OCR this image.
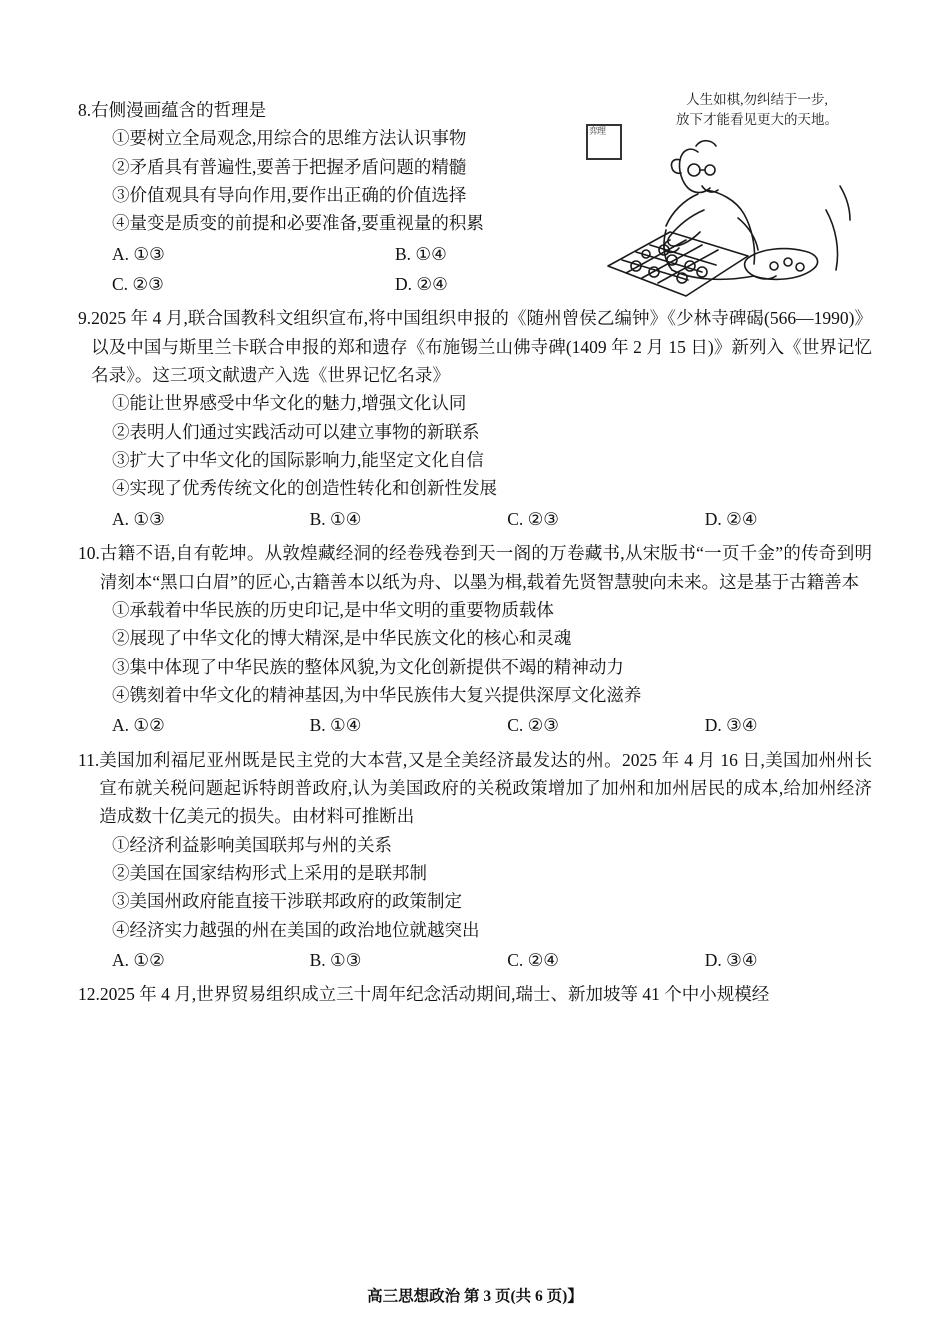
人生如棋,勿纠结于一步,
放下才能看见更大的天地。
弈理
8. 右侧漫画蕴含的哲理是
①要树立全局观念,用综合的思维方法认识事物
②矛盾具有普遍性,要善于把握矛盾问题的精髓
③价值观具有导向作用,要作出正确的价值选择
④量变是质变的前提和必要准备,要重视量的积累
A. ①③	B. ①④
C. ②③	D. ②④
9. 2025 年 4 月,联合国教科文组织宣布,将中国组织申报的《随州曾侯乙编钟》《少林寺碑碣(566—1990)》以及中国与斯里兰卡联合申报的郑和遗存《布施锡兰山佛寺碑(1409 年 2 月 15 日)》新列入《世界记忆名录》。这三项文献遗产入选《世界记忆名录》
①能让世界感受中华文化的魅力,增强文化认同
②表明人们通过实践活动可以建立事物的新联系
③扩大了中华文化的国际影响力,能坚定文化自信
④实现了优秀传统文化的创造性转化和创新性发展
A. ①③	B. ①④	C. ②③	D. ②④
10. 古籍不语,自有乾坤。从敦煌藏经洞的经卷残卷到天一阁的万卷藏书,从宋版书“一页千金”的传奇到明清刻本“黑口白眉”的匠心,古籍善本以纸为舟、以墨为楫,载着先贤智慧驶向未来。这是基于古籍善本
①承载着中华民族的历史印记,是中华文明的重要物质载体
②展现了中华文化的博大精深,是中华民族文化的核心和灵魂
③集中体现了中华民族的整体风貌,为文化创新提供不竭的精神动力
④镌刻着中华文化的精神基因,为中华民族伟大复兴提供深厚文化滋养
A. ①②	B. ①④	C. ②③	D. ③④
11. 美国加利福尼亚州既是民主党的大本营,又是全美经济最发达的州。2025 年 4 月 16 日,美国加州州长宣布就关税问题起诉特朗普政府,认为美国政府的关税政策增加了加州和加州居民的成本,给加州经济造成数十亿美元的损失。由材料可推断出
①经济利益影响美国联邦与州的关系
②美国在国家结构形式上采用的是联邦制
③美国州政府能直接干涉联邦政府的政策制定
④经济实力越强的州在美国的政治地位就越突出
A. ①②	B. ①③	C. ②④	D. ③④
12. 2025 年 4 月,世界贸易组织成立三十周年纪念活动期间,瑞士、新加坡等 41 个中小规模经
高三思想政治 第 3 页(共 6 页)】
